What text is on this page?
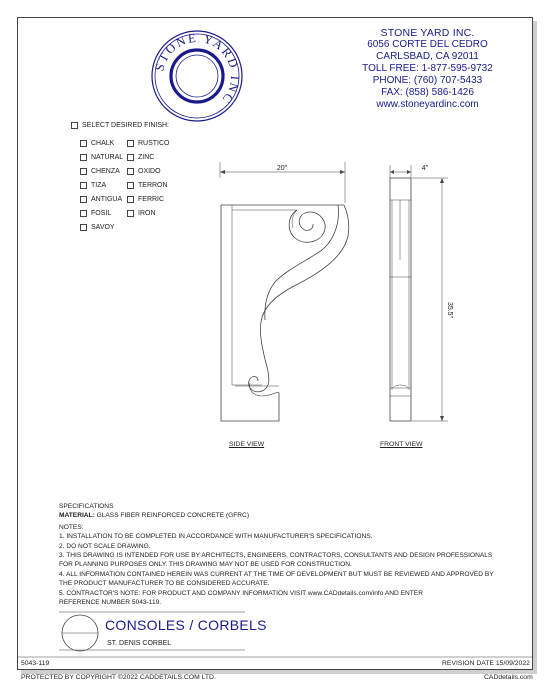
STONE YARD INC
STONE YARD INC.
6056 CORTE DEL CEDRO
CARLSBAD, CA 92011
TOLL FREE: 1-877-595-9732
PHONE: (760) 707-5433
FAX: (858) 586-1426
www.stoneyardinc.com
SELECT DESIRED FINISH:
CHALK
NATURAL
CHENZA
TIZA
ANTIGUA
FOSIL
SAVOY
RUSTICO
ZINC
OXIDO
TERRON
FERRIC
IRON
20"	4"
35.5"
SIDE VIEW	FRONT VIEW
SPECIFICATIONS
MATERIAL: GLASS FIBER REINFORCED CONCRETE (GFRC)
NOTES:
1. INSTALLATION TO BE COMPLETED IN ACCORDANCE WITH MANUFACTURER'S SPECIFICATIONS.
2. DO NOT SCALE DRAWING.
3. THIS DRAWING IS INTENDED FOR USE BY ARCHITECTS, ENGINEERS, CONTRACTORS, CONSULTANTS AND DESIGN PROFESSIONALS
FOR PLANNING PURPOSES ONLY. THIS DRAWING MAY NOT BE USED FOR CONSTRUCTION.
4. ALL INFORMATION CONTAINED HEREIN WAS CURRENT AT THE TIME OF DEVELOPMENT BUT MUST BE REVIEWED AND APPROVED BY
THE PRODUCT MANUFACTURER TO BE CONSIDERED ACCURATE.
5. CONTRACTOR'S NOTE: FOR PRODUCT AND COMPANY INFORMATION VISIT www.CADdetails.com/info AND ENTER
REFERENCE NUMBER 5043-119.
CONSOLES / CORBELS
ST. DENIS CORBEL
5043-119	REVISION DATE 15/09/2022
PROTECTED BY COPYRIGHT ©2022 CADDETAILS.COM LTD.	CADdetails.com
